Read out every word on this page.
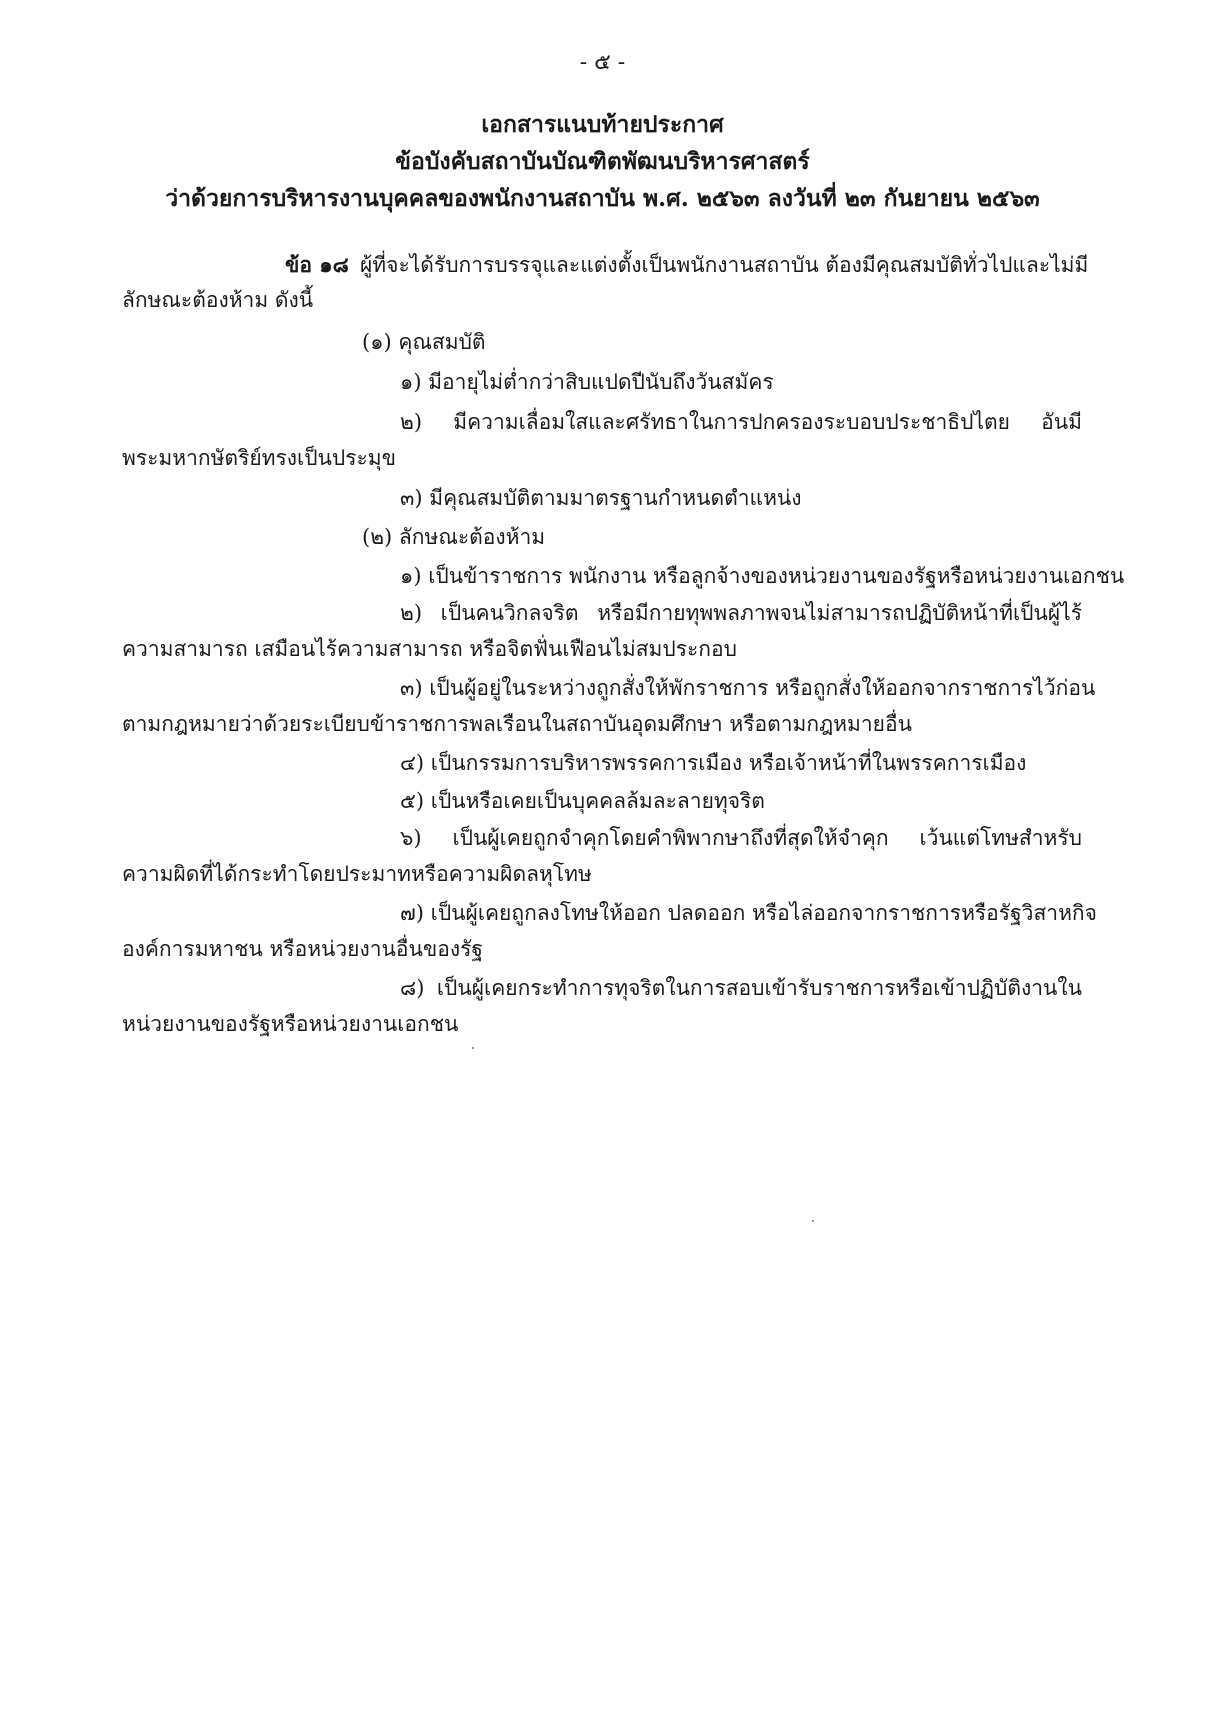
- ๕ -
เอกสารแนบท้ายประกาศ
ข้อบังคับสถาบันบัณฑิตพัฒนบริหารศาสตร์
ว่าด้วยการบริหารงานบุคคลของพนักงานสถาบัน พ.ศ. ๒๕๖๓ ลงวันที่ ๒๓ กันยายน ๒๕๖๓
ข้อ ๑๘ ผู้ที่จะได้รับการบรรจุและแต่งตั้งเป็นพนักงานสถาบัน ต้องมีคุณสมบัติทั่วไปและไม่มี
ลักษณะต้องห้าม ดังนี้
(๑) คุณสมบัติ
๑) มีอายุไม่ต่ำกว่าสิบแปดปีนับถึงวันสมัคร
๒) มีความเลื่อมใสและศรัทธาในการปกครองระบอบประชาธิปไตย อันมี
พระมหากษัตริย์ทรงเป็นประมุข
๓) มีคุณสมบัติตามมาตรฐานกำหนดตำแหน่ง
(๒) ลักษณะต้องห้าม
๑) เป็นข้าราชการ พนักงาน หรือลูกจ้างของหน่วยงานของรัฐหรือหน่วยงานเอกชน
๒) เป็นคนวิกลจริต หรือมีกายทุพพลภาพจนไม่สามารถปฏิบัติหน้าที่เป็นผู้ไร้
ความสามารถ เสมือนไร้ความสามารถ หรือจิตฟั่นเฟือนไม่สมประกอบ
๓) เป็นผู้อยู่ในระหว่างถูกสั่งให้พักราชการ หรือถูกสั่งให้ออกจากราชการไว้ก่อน
ตามกฎหมายว่าด้วยระเบียบข้าราชการพลเรือนในสถาบันอุดมศึกษา หรือตามกฎหมายอื่น
๔) เป็นกรรมการบริหารพรรคการเมือง หรือเจ้าหน้าที่ในพรรคการเมือง
๕) เป็นหรือเคยเป็นบุคคลล้มละลายทุจริต
๖) เป็นผู้เคยถูกจำคุกโดยคำพิพากษาถึงที่สุดให้จำคุก เว้นแต่โทษสำหรับ
ความผิดที่ได้กระทำโดยประมาทหรือความผิดลหุโทษ
๗) เป็นผู้เคยถูกลงโทษให้ออก ปลดออก หรือไล่ออกจากราชการหรือรัฐวิสาหกิจ
องค์การมหาชน หรือหน่วยงานอื่นของรัฐ
๘) เป็นผู้เคยกระทำการทุจริตในการสอบเข้ารับราชการหรือเข้าปฏิบัติงานใน
หน่วยงานของรัฐหรือหน่วยงานเอกชน
